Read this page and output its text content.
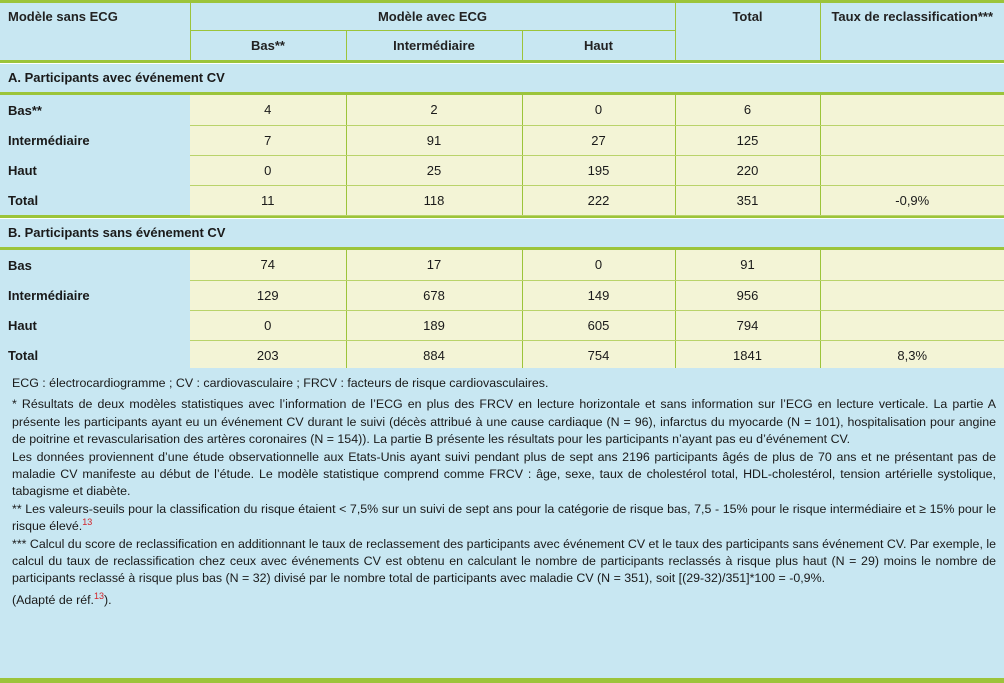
Modèle sans ECG	Modèle avec ECG			Total	Taux de reclassification***
	Bas**	Intermédiaire	Haut		

A. Participants avec événement CV					

Bas**	4	2	0	6	
Intermédiaire	7	91	27	125	
Haut	0	25	195	220	
Total	11	118	222	351	-0,9%

B. Participants sans événement CV					

Bas	74	17	0	91	
Intermédiaire	129	678	149	956	
Haut	0	189	605	794	
Total	203	884	754	1841	8,3%

ECG : électrocardiogramme ; CV : cardiovasculaire ; FRCV : facteurs de risque cardiovasculaires.

* Résultats de deux modèles statistiques avec l’information de l’ECG en plus des FRCV en lecture horizontale et sans information sur l’ECG en lecture verticale. La partie A présente les participants ayant eu un événement CV durant le suivi (décès attribué à une cause cardiaque (N = 96), infarctus du myocarde (N = 101), hospitalisation pour angine de poitrine et revascularisation des artères coronaires (N = 154)). La partie B présente les résultats pour les participants n’ayant pas eu d’événement CV.

Les données proviennent d’une étude observationnelle aux Etats-Unis ayant suivi pendant plus de sept ans 2196 participants âgés de plus de 70 ans et ne présentant pas de maladie CV manifeste au début de l’étude. Le modèle statistique comprend comme FRCV : âge, sexe, taux de cholestérol total, HDL-cholestérol, tension artérielle systolique, tabagisme et diabète.

** Les valeurs-seuils pour la classification du risque étaient < 7,5% sur un suivi de sept ans pour la catégorie de risque bas, 7,5 - 15% pour le risque intermédiaire et ≥ 15% pour le risque élevé.$^{13}$

*** Calcul du score de reclassification en additionnant le taux de reclassement des participants avec événement CV et le taux des participants sans événement CV. Par exemple, le calcul du taux de reclassification chez ceux avec événements CV est obtenu en calculant le nombre de participants reclassés à risque plus haut (N = 29) moins le nombre de participants reclassé à risque plus bas (N = 32) divisé par le nombre total de participants avec maladie CV (N = 351), soit [(29-32)/351]*100 = -0,9%.

(Adapté de réf.$^{13}$).
